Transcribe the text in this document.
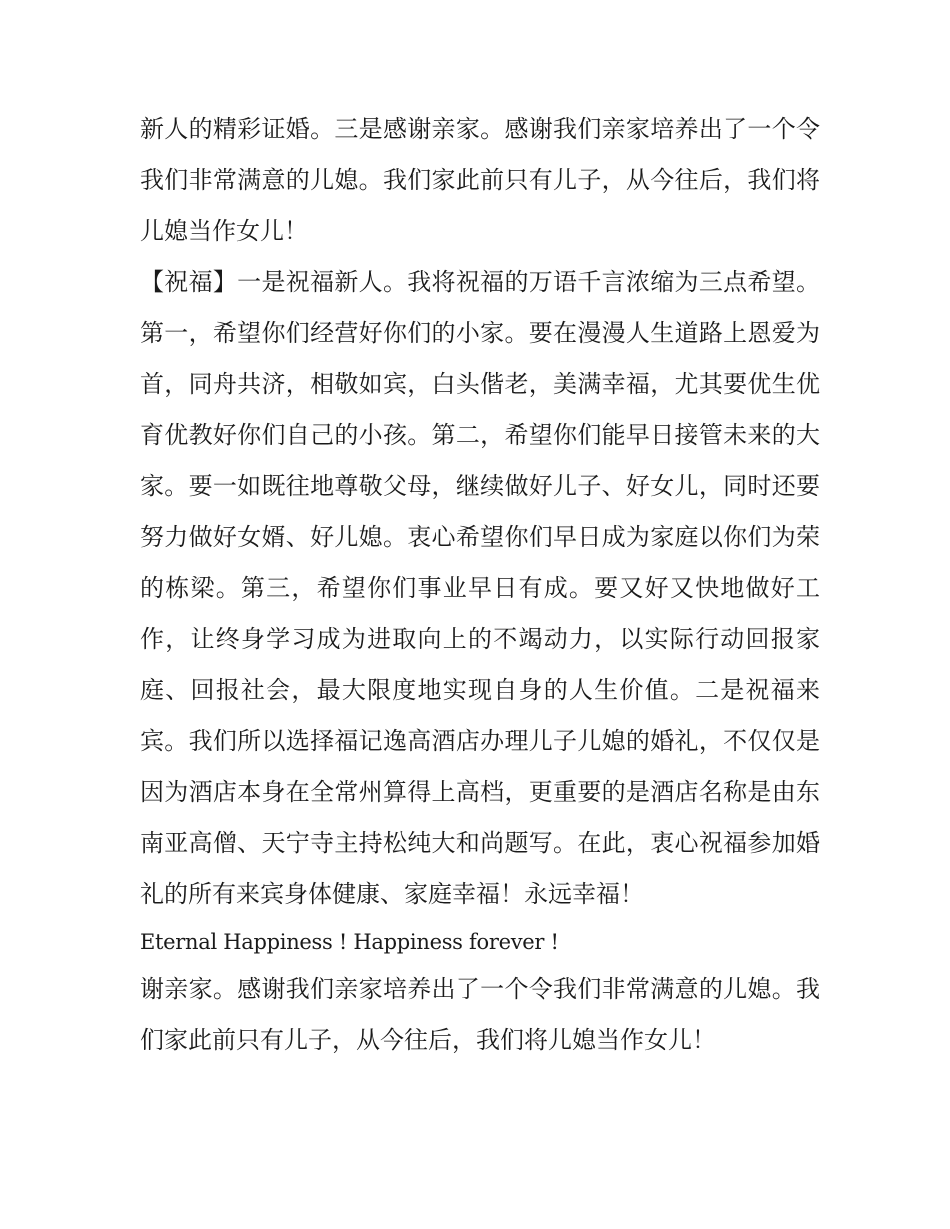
新人的精彩证婚。三是感谢亲家。感谢我们亲家培养出了一个令我们非常满意的儿媳。我们家此前只有儿子，从今往后，我们将儿媳当作女儿！

【祝福】一是祝福新人。我将祝福的万语千言浓缩为三点希望。第一，希望你们经营好你们的小家。要在漫漫人生道路上恩爱为首，同舟共济，相敬如宾，白头偕老，美满幸福，尤其要优生优育优教好你们自己的小孩。第二，希望你们能早日接管未来的大家。要一如既往地尊敬父母，继续做好儿子、好女儿，同时还要努力做好女婿、好儿媳。衷心希望你们早日成为家庭以你们为荣的栋梁。第三，希望你们事业早日有成。要又好又快地做好工作，让终身学习成为进取向上的不竭动力，以实际行动回报家庭、回报社会，最大限度地实现自身的人生价值。二是祝福来宾。我们所以选择福记逸高酒店办理儿子儿媳的婚礼，不仅仅是因为酒店本身在全常州算得上高档，更重要的是酒店名称是由东南亚高僧、天宁寺主持松纯大和尚题写。在此，衷心祝福参加婚礼的所有来宾身体健康、家庭幸福！永远幸福！

Eternal Happiness ! Happiness forever !

谢亲家。感谢我们亲家培养出了一个令我们非常满意的儿媳。我们家此前只有儿子，从今往后，我们将儿媳当作女儿！
